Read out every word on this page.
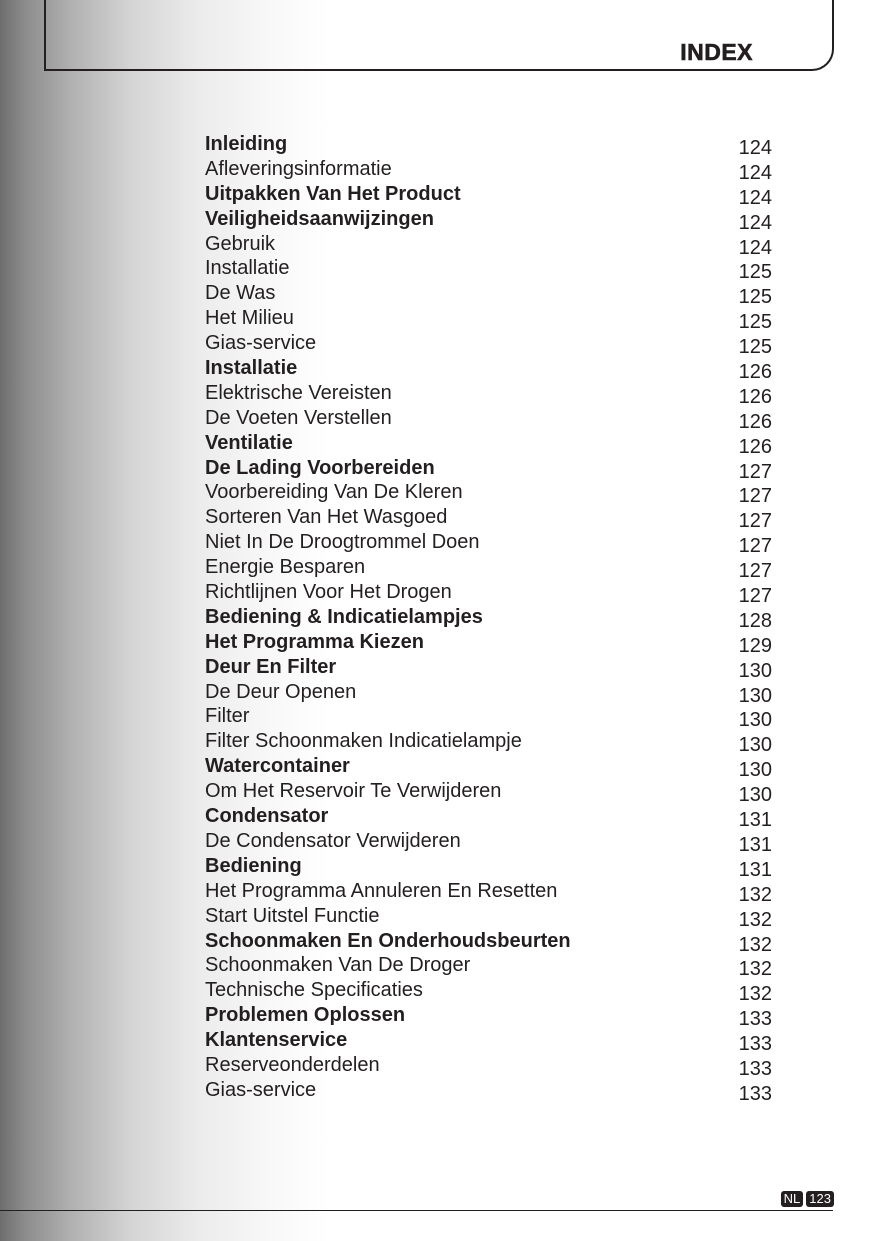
INDEX
Inleiding	124
Afleveringsinformatie	124
Uitpakken Van Het Product	124
Veiligheidsaanwijzingen	124
Gebruik	124
Installatie	125
De Was	125
Het Milieu	125
Gias-service	125
Installatie	126
Elektrische Vereisten	126
De Voeten Verstellen	126
Ventilatie	126
De Lading Voorbereiden	127
Voorbereiding Van De Kleren	127
Sorteren Van Het Wasgoed	127
Niet In De Droogtrommel Doen	127
Energie Besparen	127
Richtlijnen Voor Het Drogen	127
Bediening & Indicatielampjes	128
Het Programma Kiezen	129
Deur En Filter	130
De Deur Openen	130
Filter	130
Filter Schoonmaken Indicatielampje	130
Watercontainer	130
Om Het Reservoir Te Verwijderen	130
Condensator	131
De Condensator Verwijderen	131
Bediening	131
Het Programma Annuleren En Resetten	132
Start Uitstel Functie	132
Schoonmaken En Onderhoudsbeurten	132
Schoonmaken Van De Droger	132
Technische Specificaties	132
Problemen Oplossen	133
Klantenservice	133
Reserveonderdelen	133
Gias-service	133
NL 123
